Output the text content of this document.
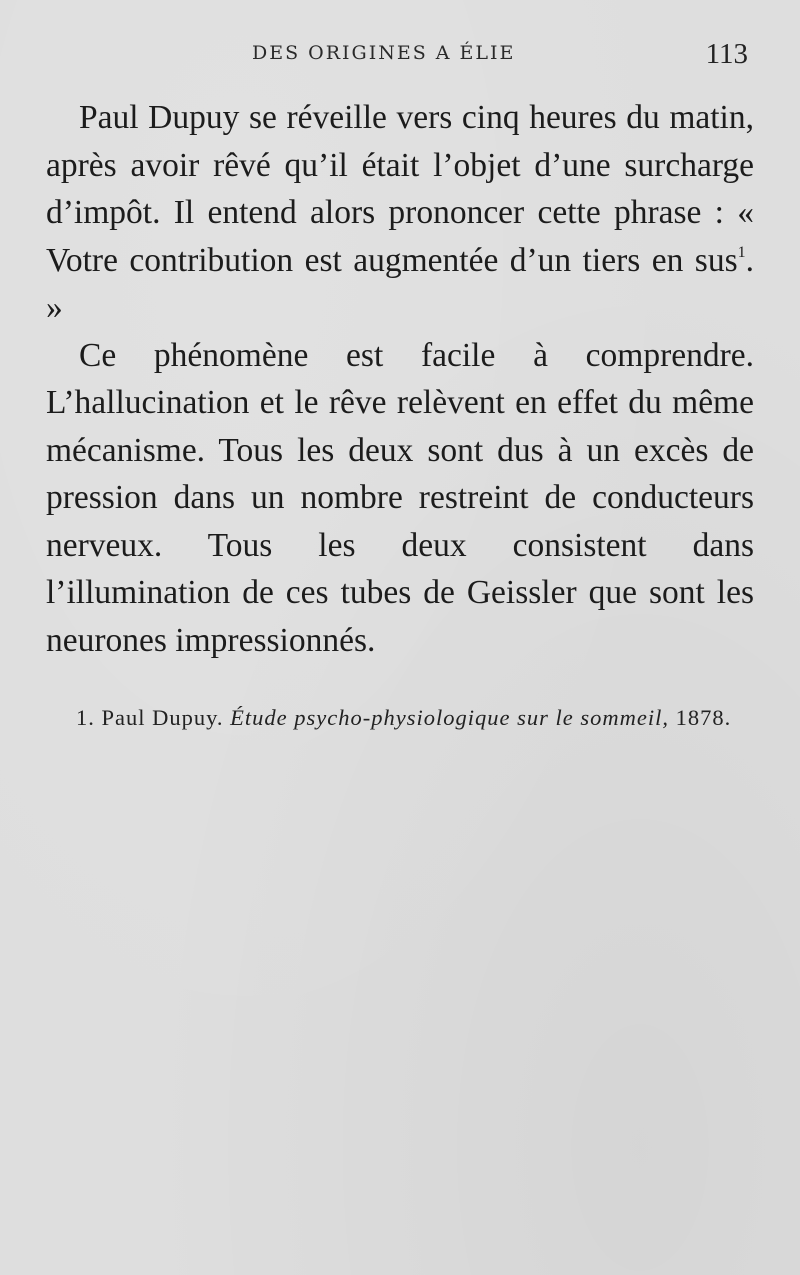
DES ORIGINES A ÉLIE	113

Paul Dupuy se réveille vers cinq heures du matin, après avoir rêvé qu’il était l’objet d’une surcharge d’impôt. Il entend alors prononcer cette phrase : « Votre contribution est augmentée d’un tiers en sus$^1$. »

Ce phénomène est facile à comprendre. L’hallucination et le rêve relèvent en effet du même mécanisme. Tous les deux sont dus à un excès de pression dans un nombre restreint de conducteurs nerveux. Tous les deux consistent dans l’illumination de ces tubes de Geissler que sont les neurones impressionnés.

1. Paul Dupuy. Étude psycho-physiologique sur le sommeil, 1878.
